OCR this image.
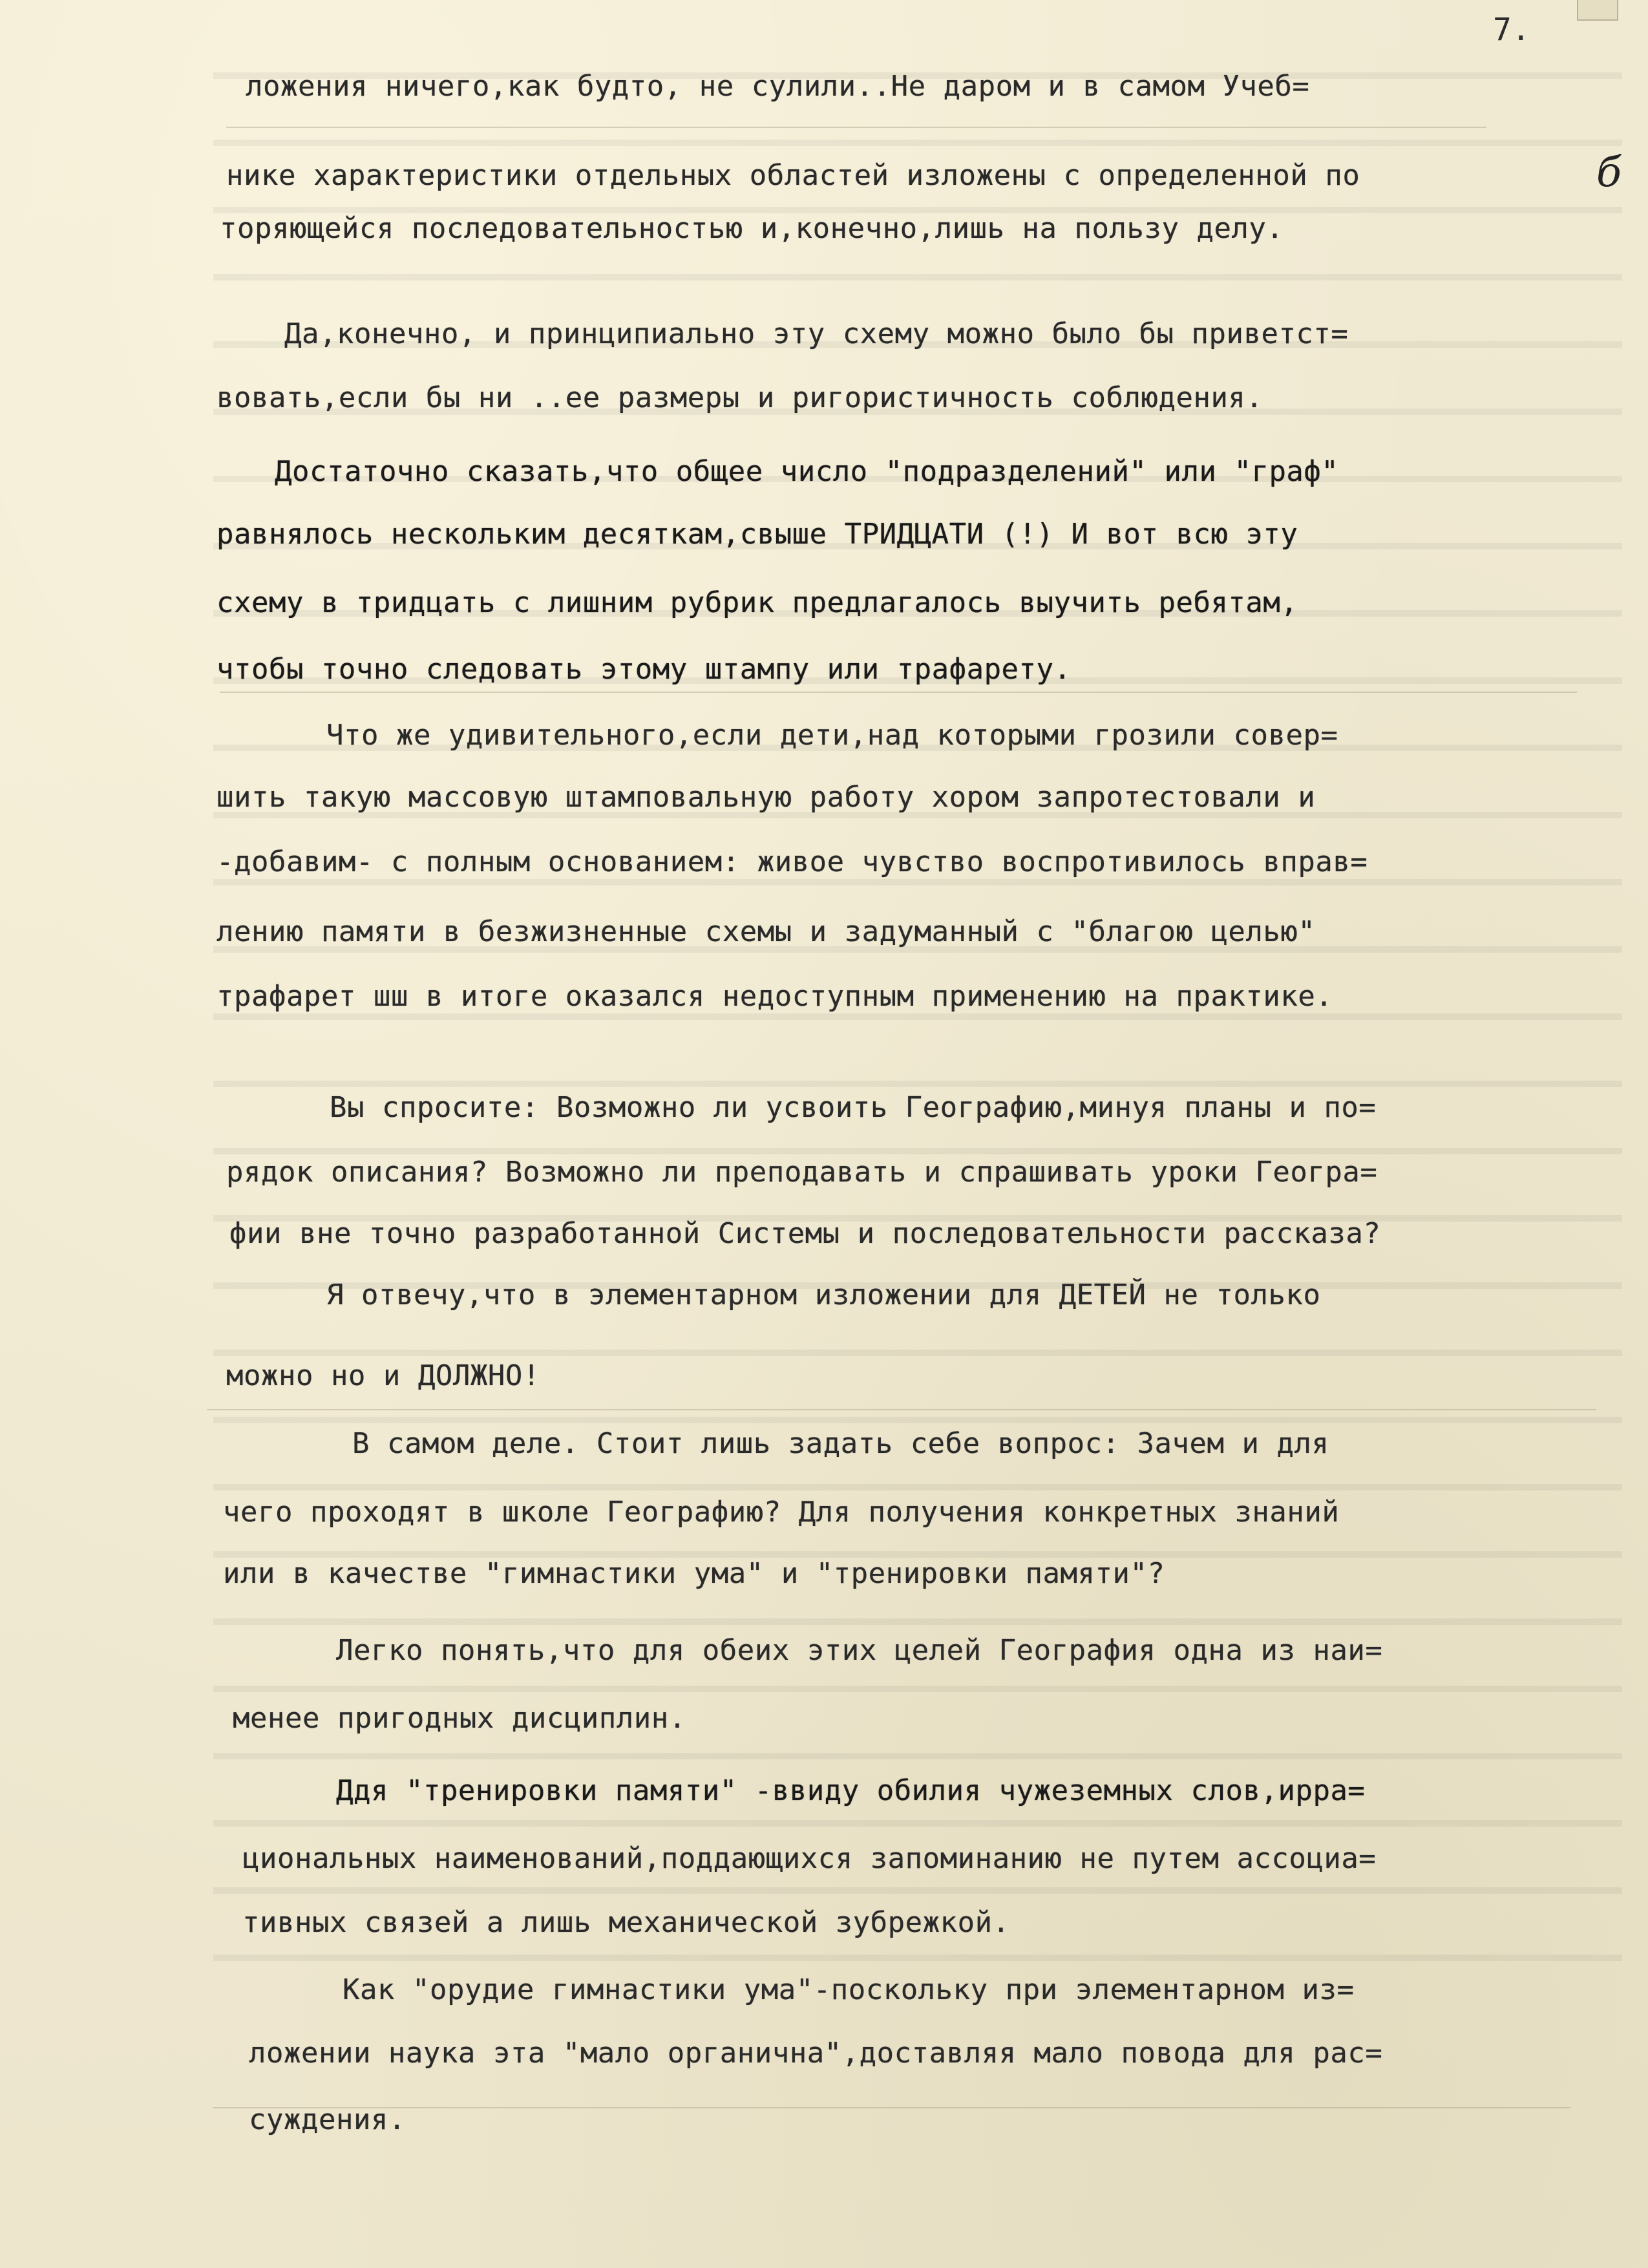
7.
б
ложения ничего,как будто, не сулили..Не даром и в самом Учеб=
нике характеристики отдельных областей изложены с определенной по
торяющейся последовательностью и,конечно,лишь на пользу делу.
Да,конечно, и принципиально эту схему можно было бы приветст=
вовать,если бы ни ..ее размеры и ригористичность соблюдения.
Достаточно сказать,что общее число "подразделений" или "граф"
равнялось нескольким десяткам,свыше ТРИДЦАТИ (!) И вот всю эту
схему в тридцать с лишним рубрик предлагалось выучить ребятам,
чтобы точно следовать этому штампу или трафарету.
Что же удивительного,если дети,над которыми грозили совер=
шить такую массовую штамповальную работу хором запротестовали и
-добавим- с полным основанием: живое чувство воспротивилось вправ=
лению памяти в безжизненные схемы и задуманный с "благою целью"
трафарет шш в итоге оказался недоступным применению на практике.
Вы спросите: Возможно ли усвоить Географию,минуя планы и по=
рядок описания? Возможно ли преподавать и спрашивать уроки Геогра=
фии вне точно разработанной Системы и последовательности рассказа?
Я отвечу,что в элементарном изложении для ДЕТЕЙ не только
можно но и ДОЛЖНО!
В самом деле. Стоит лишь задать себе вопрос: Зачем и для
чего проходят в школе Географию? Для получения конкретных знаний
или в качестве "гимнастики ума" и "тренировки памяти"?
Легко понять,что для обеих этих целей География одна из наи=
менее пригодных дисциплин.
Ддя "тренировки памяти" -ввиду обилия чужеземных слов,ирра=
циональных наименований,поддающихся запоминанию не путем ассоциа=
тивных связей а лишь механической зубрежкой.
Как "орудие гимнастики ума"-поскольку при элементарном из=
ложении наука эта "мало органична",доставляя мало повода для рас=
суждения.
